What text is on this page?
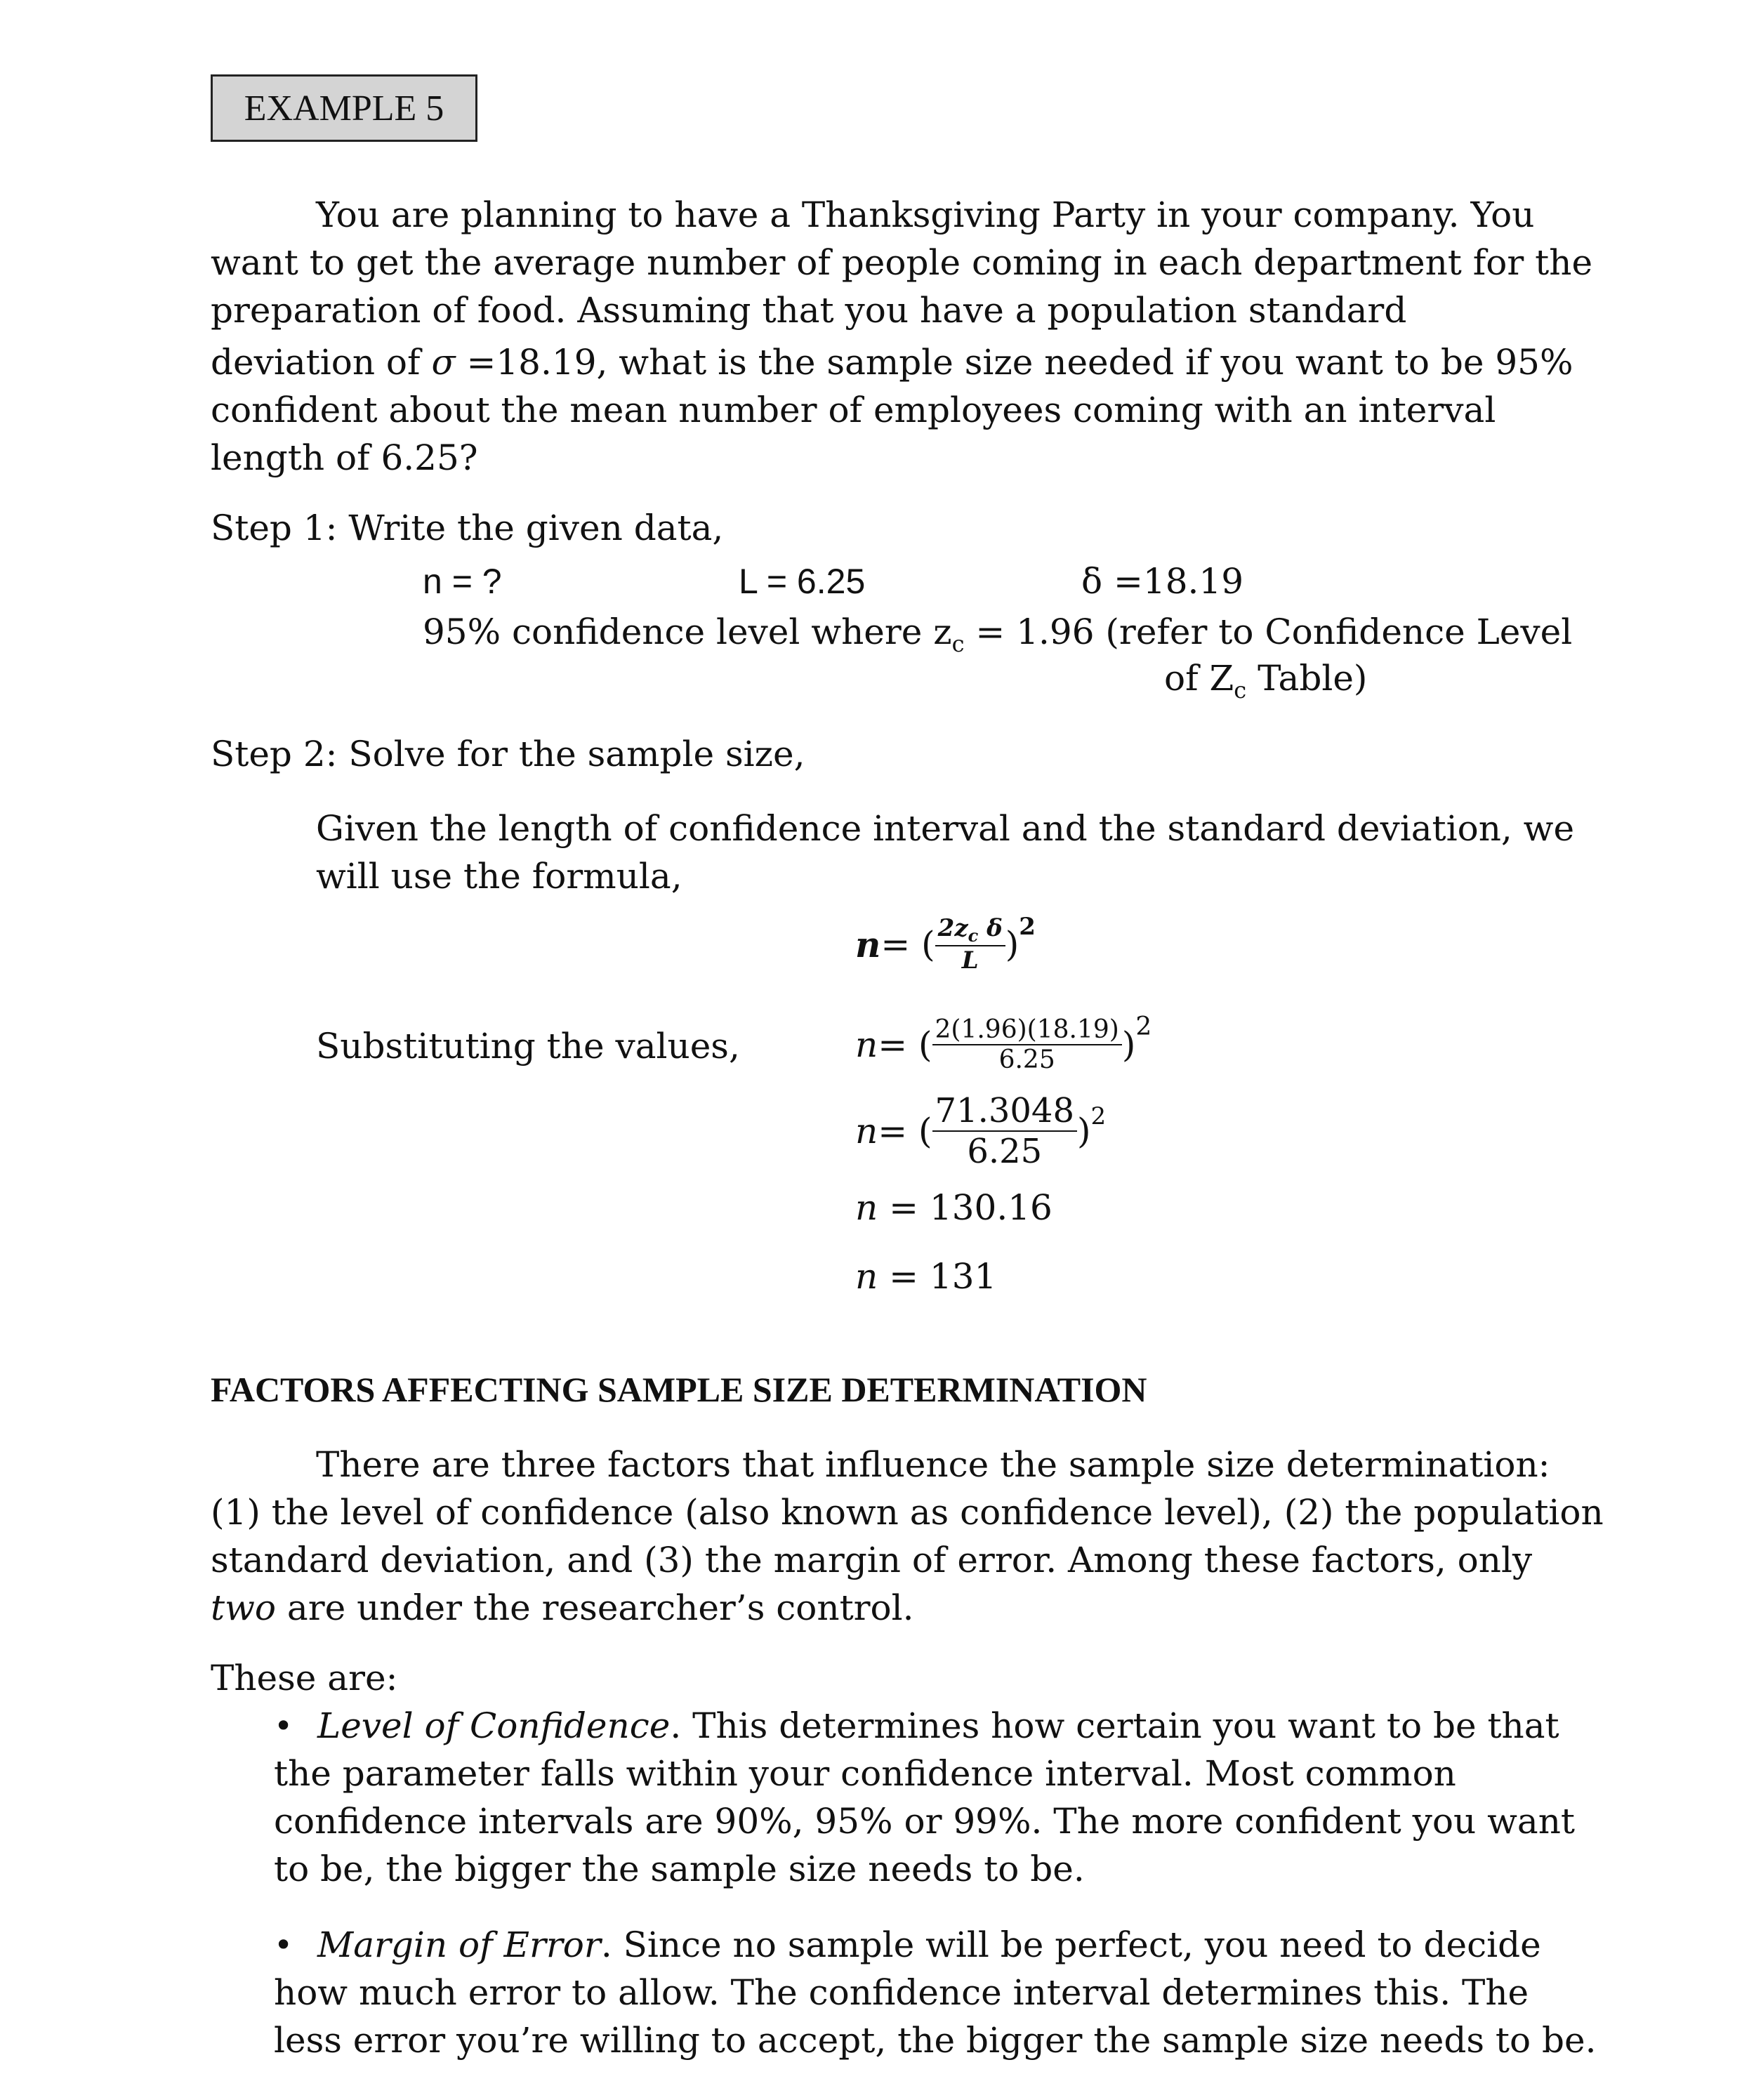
EXAMPLE 5
You are planning to have a Thanksgiving Party in your company. You
want to get the average number of people coming in each department for the
preparation of food. Assuming that you have a population standard
deviation of σ =18.19, what is the sample size needed if you want to be 95%
confident about the mean number of employees coming with an interval
length of 6.25?
Step 1: Write the given data,
n = ?	L = 6.25	δ =18.19
95% confidence level where $z_c = 1.96$ (refer to Confidence Level
of $Z_c$ Table)
Step 2: Solve for the sample size,
Given the length of confidence interval and the standard deviation, we
will use the formula,
n = ( $\frac{2z_c \delta}{L} )^2$
Substituting the values,	n = ( $\frac{2(1.96)(18.19)}{6.25} )^2$
n = ( $\frac{71.3048}{6.25} )^2$
n = 130.16
n = 131
FACTORS AFFECTING SAMPLE SIZE DETERMINATION
There are three factors that influence the sample size determination:
(1) the level of confidence (also known as confidence level), (2) the population
standard deviation, and (3) the margin of error. Among these factors, only
two are under the researcher’s control.
These are:
• Level of Confidence. This determines how certain you want to be that
the parameter falls within your confidence interval. Most common
confidence intervals are 90%, 95% or 99%. The more confident you want
to be, the bigger the sample size needs to be.
• Margin of Error. Since no sample will be perfect, you need to decide
how much error to allow. The confidence interval determines this. The
less error you’re willing to accept, the bigger the sample size needs to be.
